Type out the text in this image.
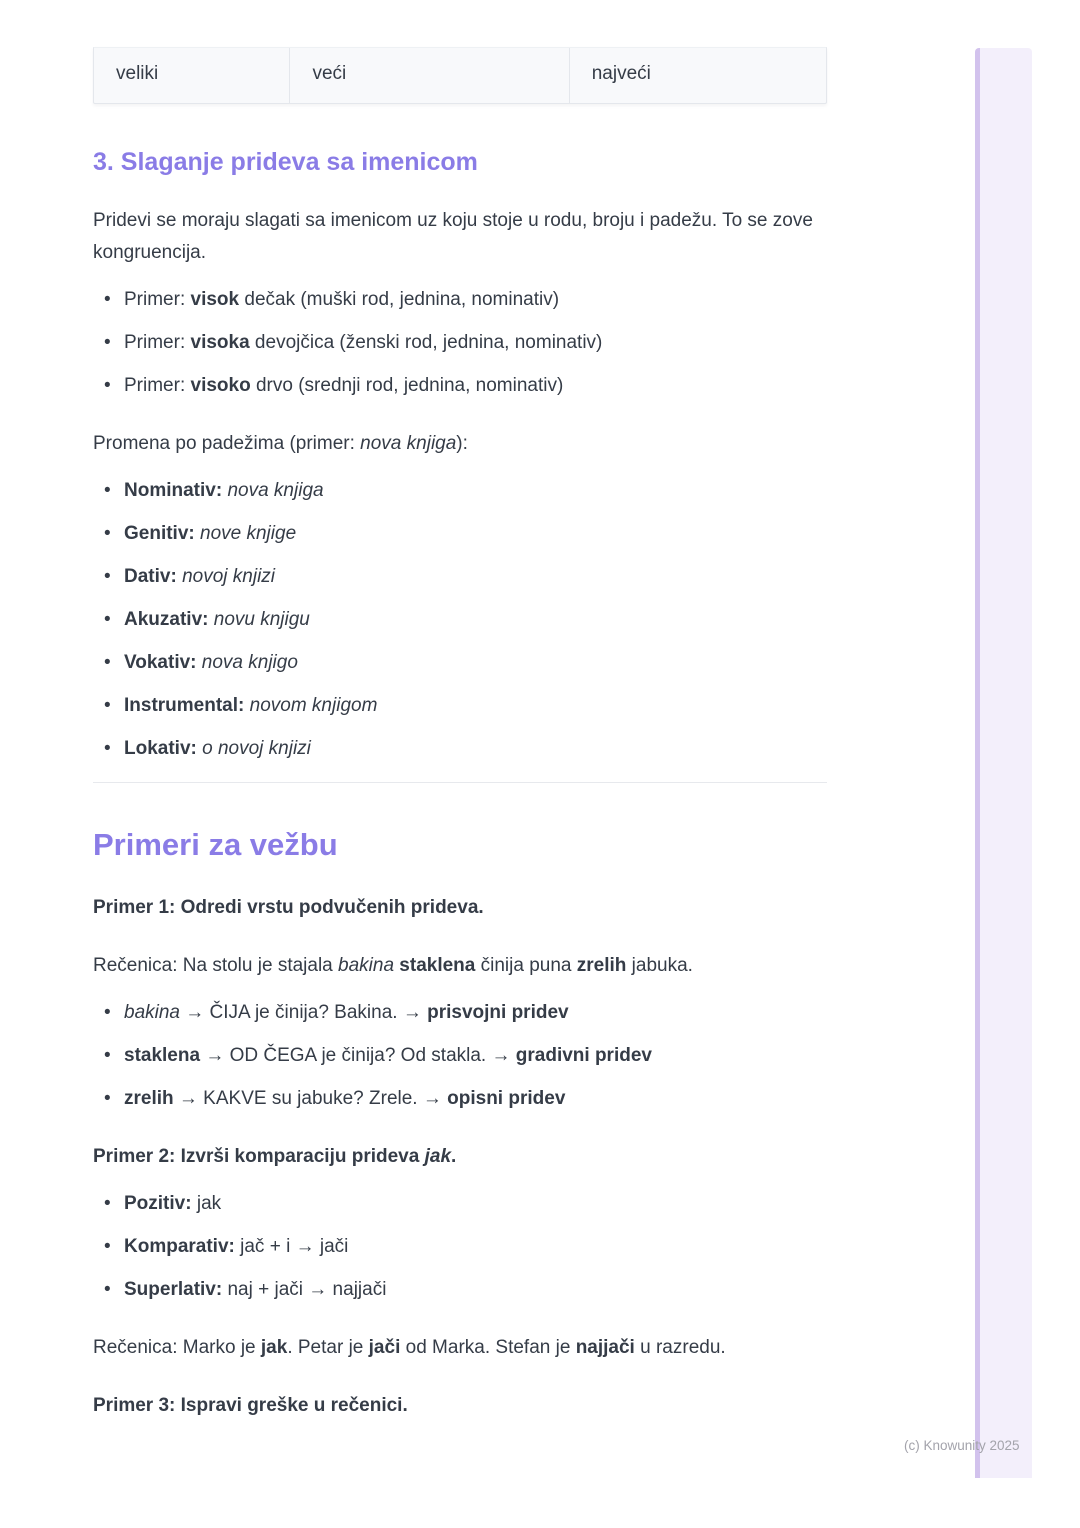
(c) Knowunity 2025
veliki	veći	najveći
3. Slaganje prideva sa imenicom

Pridevi se moraju slagati sa imenicom uz koju stoje u rodu, broju i padežu. To se zove kongruencija.

• Primer: visok dečak (muški rod, jednina, nominativ)
• Primer: visoka devojčica (ženski rod, jednina, nominativ)
• Primer: visoko drvo (srednji rod, jednina, nominativ)

Promena po padežima (primer: nova knjiga):

• Nominativ: nova knjiga
• Genitiv: nove knjige
• Dativ: novoj knjizi
• Akuzativ: novu knjigu
• Vokativ: nova knjigo
• Instrumental: novom knjigom
• Lokativ: o novoj knjizi
Primeri za vežbu

Primer 1: Odredi vrstu podvučenih prideva.

Rečenica: Na stolu je stajala bakina staklena činija puna zrelih jabuka.

• bakina → ČIJA je činija? Bakina. → prisvojni pridev
• staklena → OD ČEGA je činija? Od stakla. → gradivni pridev
• zrelih → KAKVE su jabuke? Zrele. → opisni pridev

Primer 2: Izvrši komparaciju prideva jak.

• Pozitiv: jak
• Komparativ: jač + i → jači
• Superlativ: naj + jači → najjači

Rečenica: Marko je jak. Petar je jači od Marka. Stefan je najjači u razredu.

Primer 3: Ispravi greške u rečenici.
